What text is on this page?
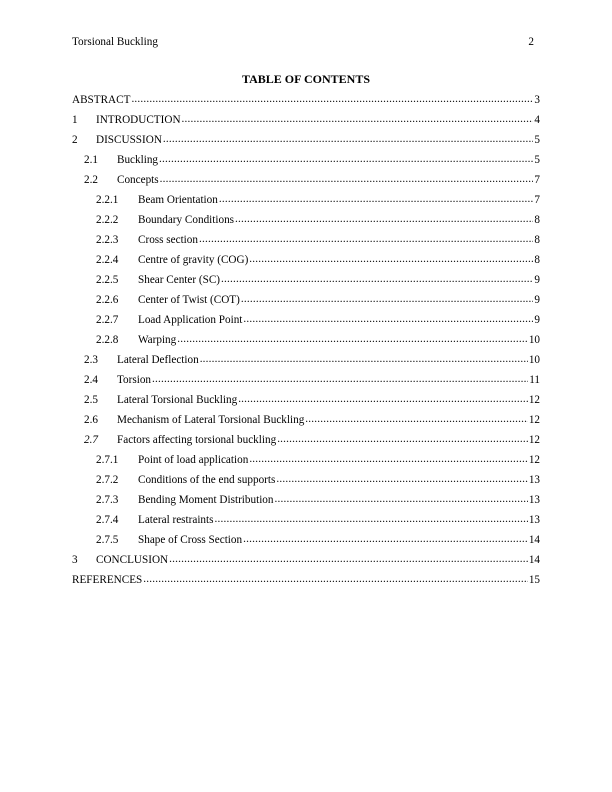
Torsional Buckling	2
TABLE OF CONTENTS
ABSTRACT .....	3
1	INTRODUCTION .....	4
2	DISCUSSION .....	5
2.1	Buckling .....	5
2.2	Concepts .....	7
2.2.1	Beam Orientation .....	7
2.2.2	Boundary Conditions .....	8
2.2.3	Cross section .....	8
2.2.4	Centre of gravity (COG) .....	8
2.2.5	Shear Center (SC) .....	9
2.2.6	Center of Twist (COT) .....	9
2.2.7	Load Application Point .....	9
2.2.8	Warping .....	10
2.3	Lateral Deflection .....	10
2.4	Torsion .....	11
2.5	Lateral Torsional Buckling .....	12
2.6	Mechanism of Lateral Torsional Buckling .....	12
2.7	Factors affecting torsional buckling .....	12
2.7.1	Point of load application .....	12
2.7.2	Conditions of the end supports .....	13
2.7.3	Bending Moment Distribution .....	13
2.7.4	Lateral restraints .....	13
2.7.5	Shape of Cross Section .....	14
3	CONCLUSION .....	14
REFERENCES .....	15
